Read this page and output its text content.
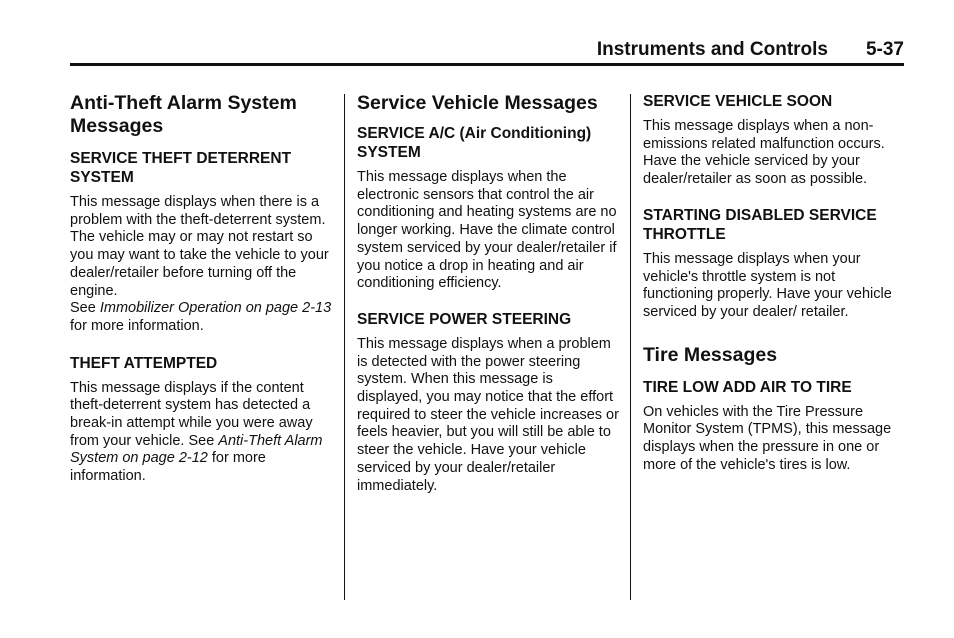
Instruments and Controls 5-37
Anti-Theft Alarm System Messages
SERVICE THEFT DETERRENT SYSTEM

This message displays when there is a problem with the theft-deterrent system. The vehicle may or may not restart so you may want to take the vehicle to your dealer/retailer before turning off the engine.
See Immobilizer Operation on page 2-13 for more information.

THEFT ATTEMPTED

This message displays if the content theft-deterrent system has detected a break-in attempt while you were away from your vehicle. See Anti-Theft Alarm System on page 2-12 for more information.

Service Vehicle Messages
SERVICE A/C (Air Conditioning) SYSTEM

This message displays when the electronic sensors that control the air conditioning and heating systems are no longer working. Have the climate control system serviced by your dealer/retailer if you notice a drop in heating and air conditioning efficiency.

SERVICE POWER STEERING

This message displays when a problem is detected with the power steering system. When this message is displayed, you may notice that the effort required to steer the vehicle increases or feels heavier, but you will still be able to steer the vehicle. Have your vehicle serviced by your dealer/retailer immediately.

SERVICE VEHICLE SOON

This message displays when a non-emissions related malfunction occurs. Have the vehicle serviced by your dealer/retailer as soon as possible.

STARTING DISABLED SERVICE THROTTLE

This message displays when your vehicle's throttle system is not functioning properly. Have your vehicle serviced by your dealer/ retailer.

Tire Messages
TIRE LOW ADD AIR TO TIRE

On vehicles with the Tire Pressure Monitor System (TPMS), this message displays when the pressure in one or more of the vehicle's tires is low.
